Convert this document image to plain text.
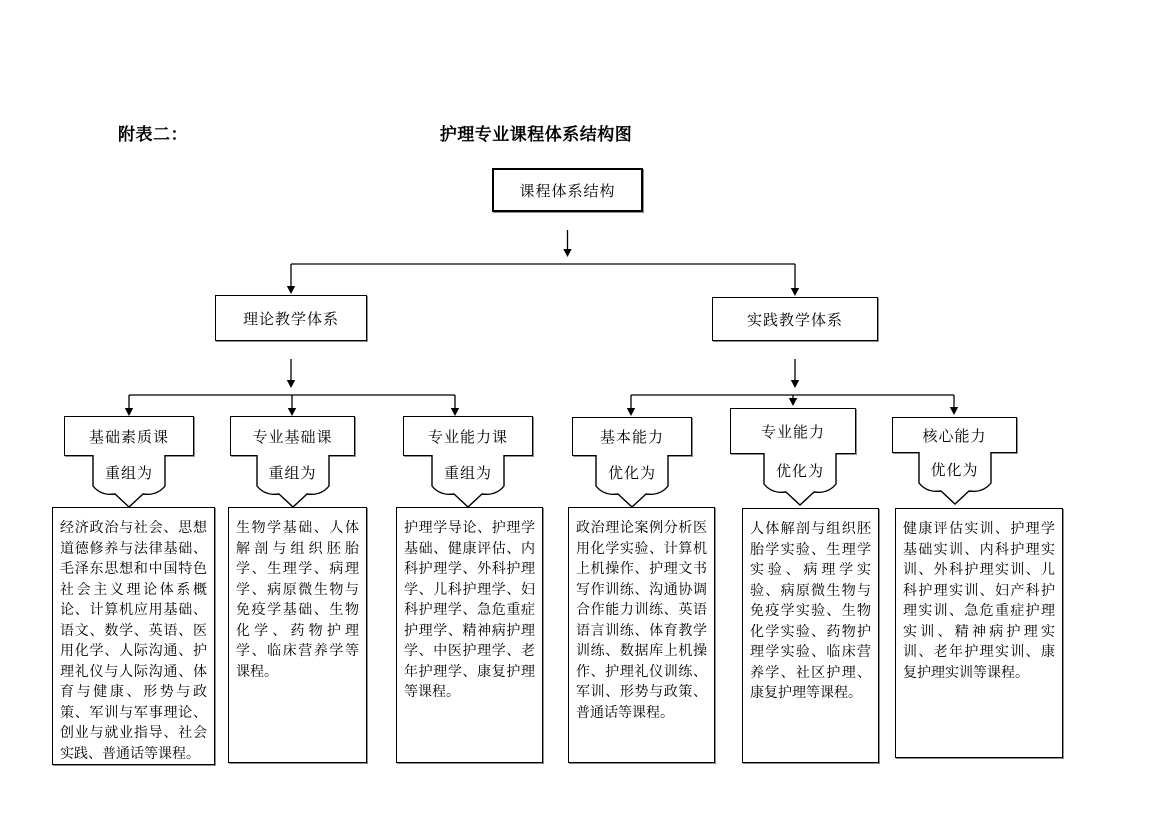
附表二：	护理专业课程体系结构图
课程体系结构
理论教学体系	实践教学体系
基础素质课	专业基础课	专业能力课	基本能力	专业能力	核心能力
重组为	重组为	重组为	优化为	优化为	优化为
经济政治与社会、思想道德修养与法律基础、毛泽东思想和中国特色社会主义理论体系概论、计算机应用基础、语文、数学、英语、医用化学、人际沟通、护理礼仪与人际沟通、体育与健康、形势与政策、军训与军事理论、创业与就业指导、社会实践、普通话等课程。
生物学基础、人体解剖与组织胚胎学、生理学、病理学、病原微生物与免疫学基础、生物化学、药物护理学、临床营养学等课程。
护理学导论、护理学基础、健康评估、内科护理学、外科护理学、儿科护理学、妇科护理学、急危重症护理学、精神病护理学、中医护理学、老年护理学、康复护理等课程。
政治理论案例分析医用化学实验、计算机上机操作、护理文书写作训练、沟通协调合作能力训练、英语语言训练、体育教学训练、数据库上机操作、护理礼仪训练、军训、形势与政策、普通话等课程。
人体解剖与组织胚胎学实验、生理学实验、病理学实验、病原微生物与免疫学实验、生物化学实验、药物护理学实验、临床营养学、社区护理、康复护理等课程。
健康评估实训、护理学基础实训、内科护理实训、外科护理实训、儿科护理实训、妇产科护理实训、急危重症护理实训、精神病护理实训、老年护理实训、康复护理实训等课程。
